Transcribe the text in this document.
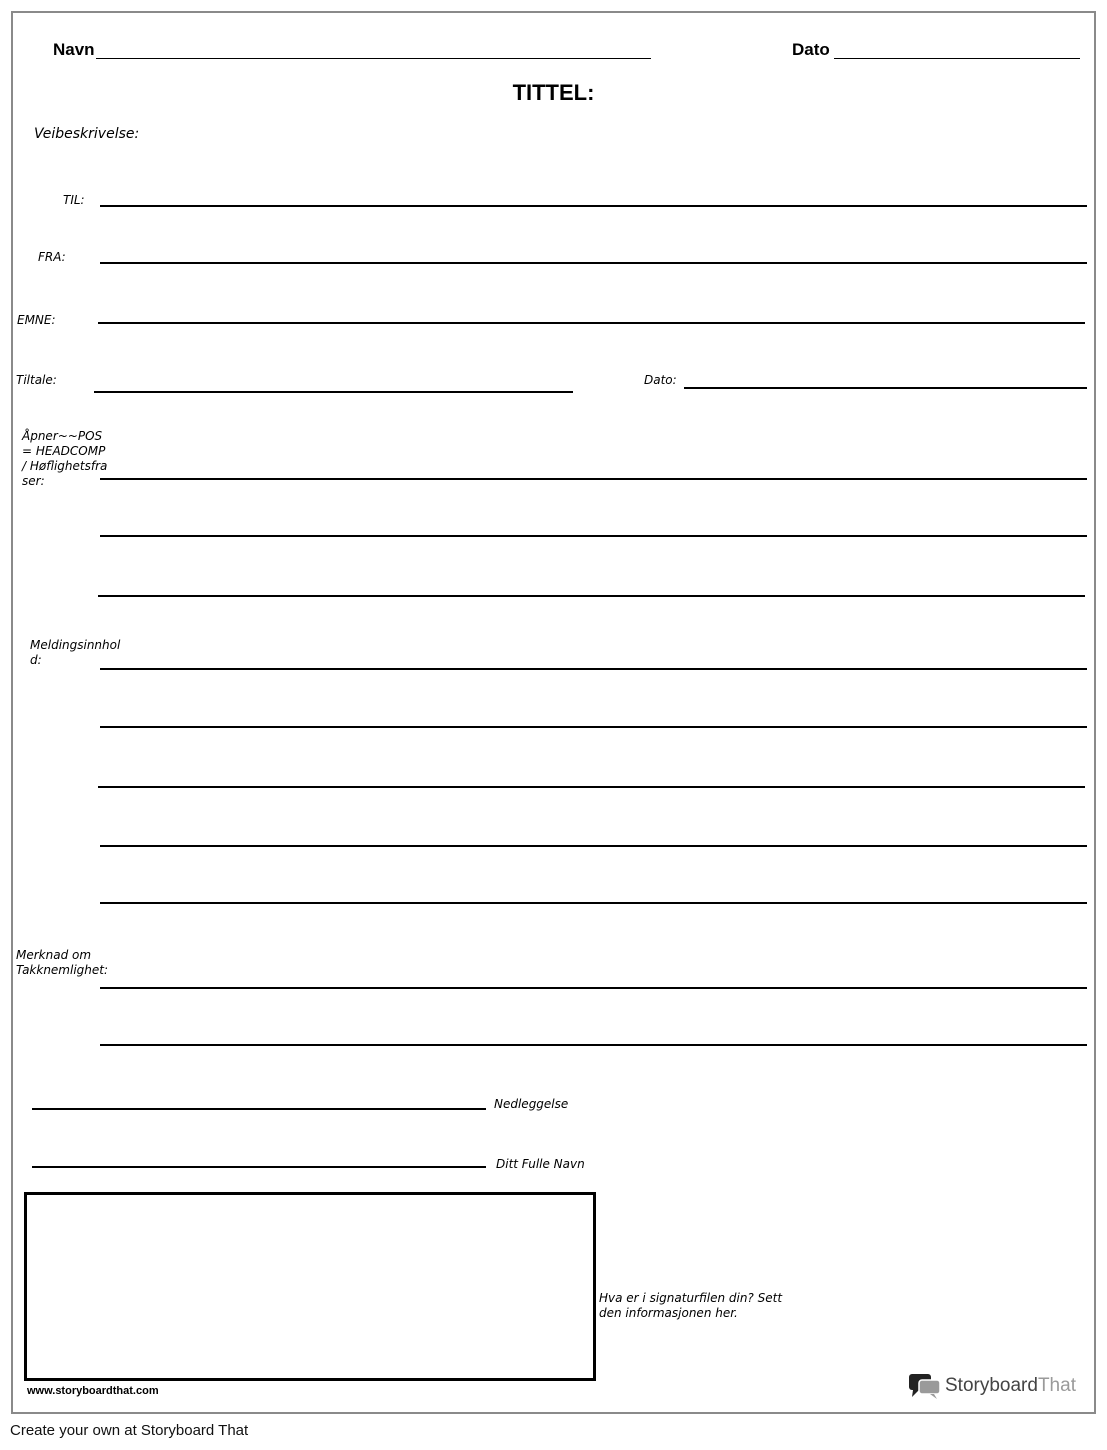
Navn	Dato
TITTEL:
Veibeskrivelse:
TIL:
FRA:
EMNE:
Tiltale:	Dato:
Åpner~~POS= HEADCOMP / Høflighetsfraser:
Meldingsinnhold:
Merknad om Takknemlighet:
Nedleggelse
Ditt Fulle Navn
Hva er i signaturfilen din? Sett den informasjonen her.
www.storyboardthat.com	StoryboardThat
Create your own at Storyboard That
